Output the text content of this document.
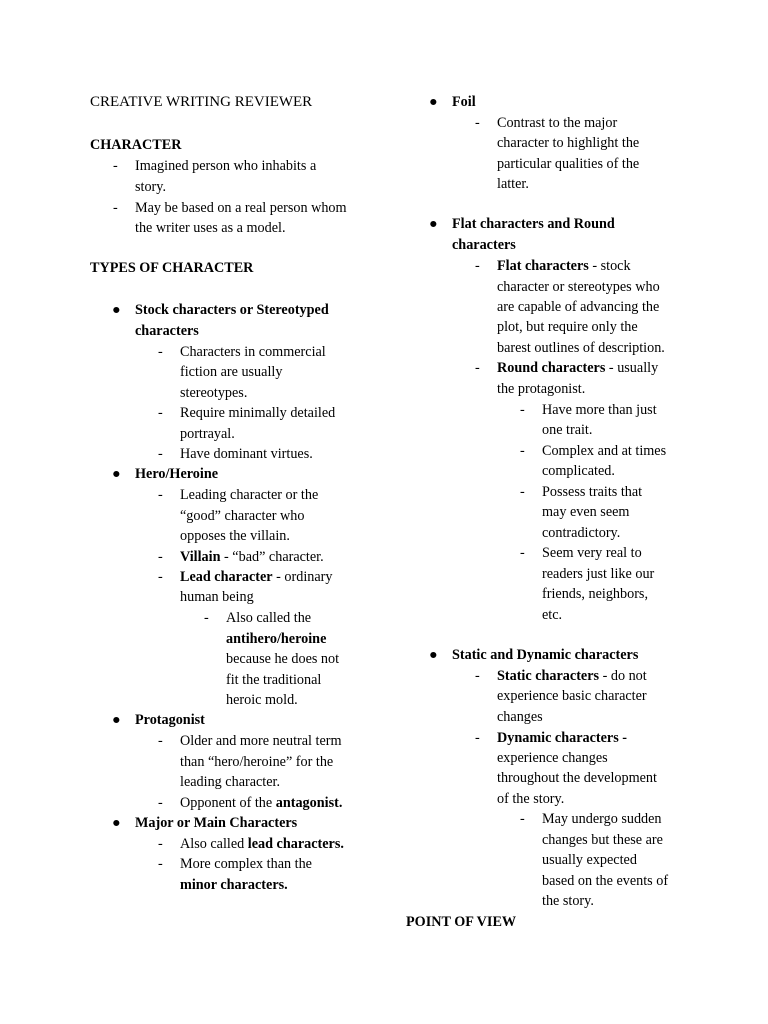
CREATIVE WRITING REVIEWER
CHARACTER
- Imagined person who inhabits a
story.
- May be based on a real person whom
the writer uses as a model.
TYPES OF CHARACTER
● Stock characters or Stereotyped
characters
- Characters in commercial
fiction are usually
stereotypes.
- Require minimally detailed
portrayal.
- Have dominant virtues.
● Hero/Heroine
- Leading character or the
“good” character who
opposes the villain.
- Villain - “bad” character.
- Lead character - ordinary
human being
- Also called the
antihero/heroine
because he does not
fit the traditional
heroic mold.
● Protagonist
- Older and more neutral term
than “hero/heroine” for the
leading character.
- Opponent of the antagonist.
● Major or Main Characters
- Also called lead characters.
- More complex than the
minor characters.
● Foil
- Contrast to the major
character to highlight the
particular qualities of the
latter.
● Flat characters and Round
characters
- Flat characters - stock
character or stereotypes who
are capable of advancing the
plot, but require only the
barest outlines of description.
- Round characters - usually
the protagonist.
- Have more than just
one trait.
- Complex and at times
complicated.
- Possess traits that
may even seem
contradictory.
- Seem very real to
readers just like our
friends, neighbors,
etc.
● Static and Dynamic characters
- Static characters - do not
experience basic character
changes
- Dynamic characters -
experience changes
throughout the development
of the story.
- May undergo sudden
changes but these are
usually expected
based on the events of
the story.
POINT OF VIEW
